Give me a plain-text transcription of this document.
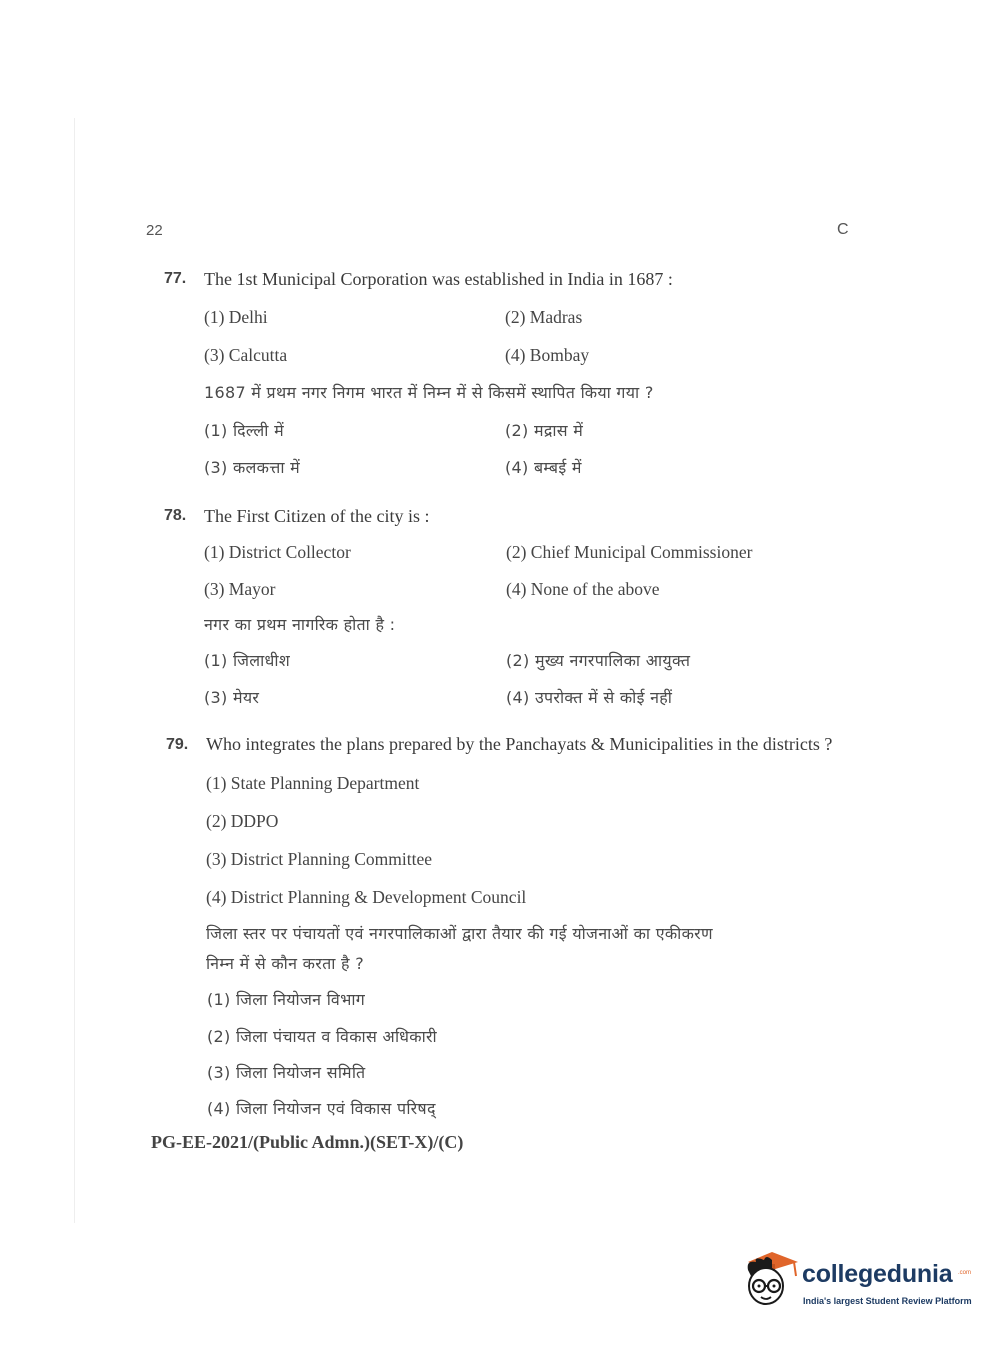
22	C
77. The 1st Municipal Corporation was established in India in 1687 :
(1) Delhi	(2) Madras
(3) Calcutta	(4) Bombay
1687 में प्रथम नगर निगम भारत में निम्न में से किसमें स्थापित किया गया ?
(1) दिल्ली में	(2) मद्रास में
(3) कलकत्ता में	(4) बम्बई में
78. The First Citizen of the city is :
(1) District Collector	(2) Chief Municipal Commissioner
(3) Mayor	(4) None of the above
नगर का प्रथम नागरिक होता है :
(1) जिलाधीश	(2) मुख्य नगरपालिका आयुक्त
(3) मेयर	(4) उपरोक्त में से कोई नहीं
79. Who integrates the plans prepared by the Panchayats & Municipalities in the districts ?
(1) State Planning Department
(2) DDPO
(3) District Planning Committee
(4) District Planning & Development Council
जिला स्तर पर पंचायतों एवं नगरपालिकाओं द्वारा तैयार की गई योजनाओं का एकीकरण
निम्न में से कौन करता है ?
(1) जिला नियोजन विभाग
(2) जिला पंचायत व विकास अधिकारी
(3) जिला नियोजन समिति
(4) जिला नियोजन एवं विकास परिषद्
PG-EE-2021/(Public Admn.)(SET-X)/(C)
collegedunia .com
India's largest Student Review Platform
